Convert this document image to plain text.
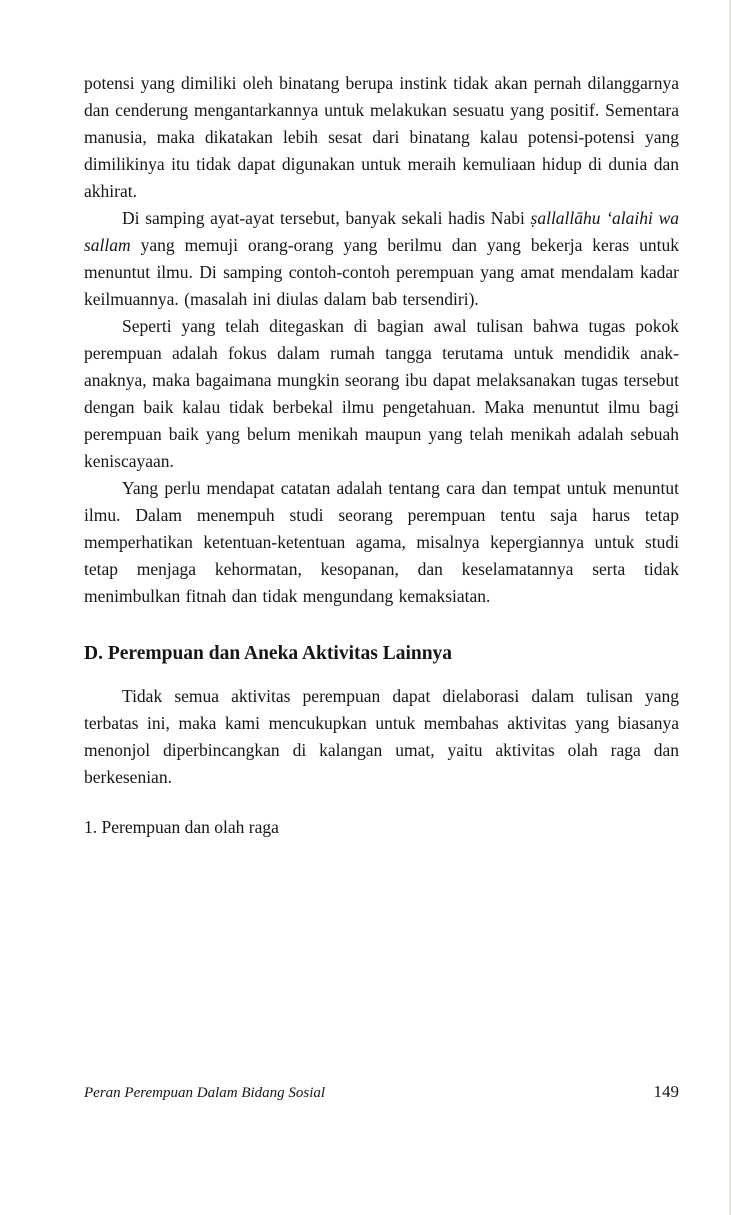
potensi yang dimiliki oleh binatang berupa instink tidak akan pernah dilanggarnya dan cenderung mengantarkannya untuk melakukan sesuatu yang positif. Sementara manusia, maka dikatakan lebih sesat dari binatang kalau potensi-potensi yang dimilikinya itu tidak dapat digunakan untuk meraih kemuliaan hidup di dunia dan akhirat.

Di samping ayat-ayat tersebut, banyak sekali hadis Nabi ṣallallāhu ‘alaihi wa sallam yang memuji orang-orang yang berilmu dan yang bekerja keras untuk menuntut ilmu. Di samping contoh-contoh perempuan yang amat mendalam kadar keilmuannya. (masalah ini diulas dalam bab tersendiri).

Seperti yang telah ditegaskan di bagian awal tulisan bahwa tugas pokok perempuan adalah fokus dalam rumah tangga terutama untuk mendidik anak-anaknya, maka bagaimana mungkin seorang ibu dapat melaksanakan tugas tersebut dengan baik kalau tidak berbekal ilmu pengetahuan. Maka menuntut ilmu bagi perempuan baik yang belum menikah maupun yang telah menikah adalah sebuah keniscayaan.

Yang perlu mendapat catatan adalah tentang cara dan tempat untuk menuntut ilmu. Dalam menempuh studi seorang perempuan tentu saja harus tetap memperhatikan ketentuan-ketentuan agama, misalnya kepergiannya untuk studi tetap menjaga kehormatan, kesopanan, dan keselamatannya serta tidak menimbulkan fitnah dan tidak mengundang kemaksiatan.

D. Perempuan dan Aneka Aktivitas Lainnya

Tidak semua aktivitas perempuan dapat dielaborasi dalam tulisan yang terbatas ini, maka kami mencukupkan untuk membahas aktivitas yang biasanya menonjol diperbincangkan di kalangan umat, yaitu aktivitas olah raga dan berkesenian.

1. Perempuan dan olah raga
Peran Perempuan Dalam Bidang Sosial	149
